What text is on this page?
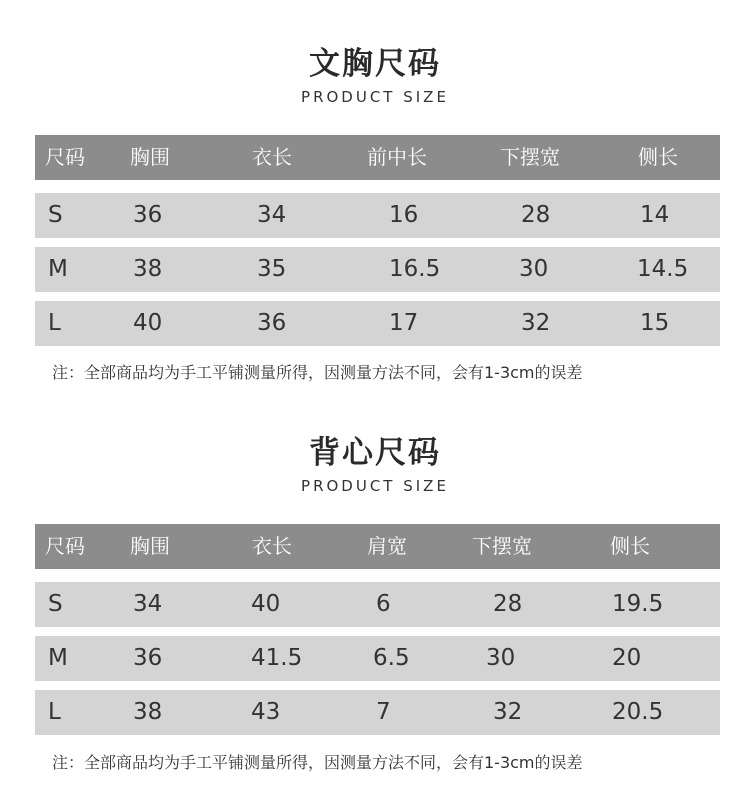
文胸尺码
PRODUCT SIZE
尺码 胸围	衣长	前中长	下摆宽	侧长
S	36	34	16	28	14
M	38	35	16.5	30	14.5
L	40	36	17	32	15
注：全部商品均为手工平铺测量所得，因测量方法不同，会有1-3cm的误差
背心尺码
PRODUCT SIZE
尺码 胸围	衣长	肩宽	下摆宽	侧长
S	34	40	6	28	19.5
M	36	41.5	6.5	30	20
L	38	43	7	32	20.5
注：全部商品均为手工平铺测量所得，因测量方法不同，会有1-3cm的误差
